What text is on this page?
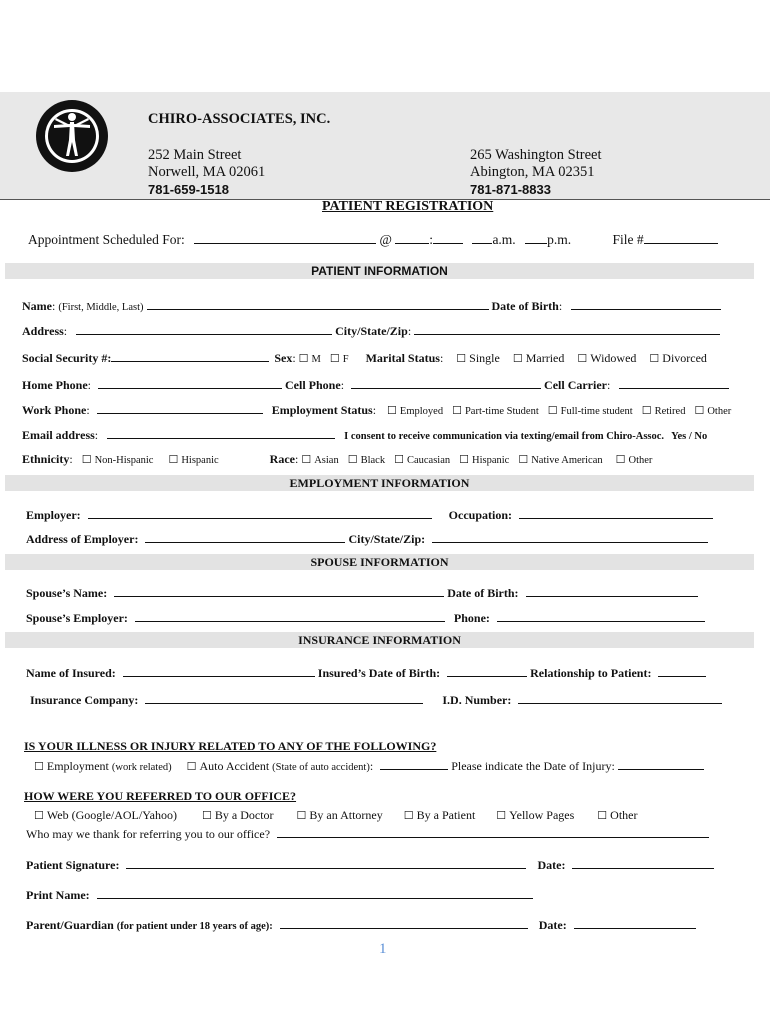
CHIRO-ASSOCIATES, INC.
252 Main Street
Norwell, MA 02061
781-659-1518
265 Washington Street
Abington, MA 02351
781-871-8833
PATIENT REGISTRATION
Appointment Scheduled For:	@	:	a.m. p.m.	File #
PATIENT INFORMATION
Name: (First, Middle, Last)	Date of Birth:
Address:	City/State/Zip:
Social Security #:	Sex: ☐ M ☐ F Marital Status: ☐ Single ☐ Married ☐ Widowed ☐ Divorced
Home Phone:	Cell Phone:	Cell Carrier:
Work Phone:	Employment Status: ☐ Employed ☐ Part-time Student ☐ Full-time student ☐ Retired ☐ Other
Email address:	I consent to receive communication via texting/email from Chiro-Assoc. Yes / No
Ethnicity: ☐ Non-Hispanic ☐ Hispanic	Race: ☐ Asian ☐ Black ☐ Caucasian ☐ Hispanic ☐ Native American ☐ Other
EMPLOYMENT INFORMATION
Employer:	Occupation:
Address of Employer:	City/State/Zip:
SPOUSE INFORMATION
Spouse’s Name:	Date of Birth:
Spouse’s Employer:	Phone:
INSURANCE INFORMATION
Name of Insured:	Insured’s Date of Birth:	Relationship to Patient:
Insurance Company:	I.D. Number:
IS YOUR ILLNESS OR INJURY RELATED TO ANY OF THE FOLLOWING?
☐ Employment (work related) ☐ Auto Accident (State of auto accident):	Please indicate the Date of Injury:
HOW WERE YOU REFERRED TO OUR OFFICE?
☐ Web (Google/AOL/Yahoo) ☐ By a Doctor ☐ By an Attorney ☐ By a Patient ☐ Yellow Pages ☐ Other
Who may we thank for referring you to our office?
Patient Signature:	Date:
Print Name:
Parent/Guardian (for patient under 18 years of age):	Date:
1
